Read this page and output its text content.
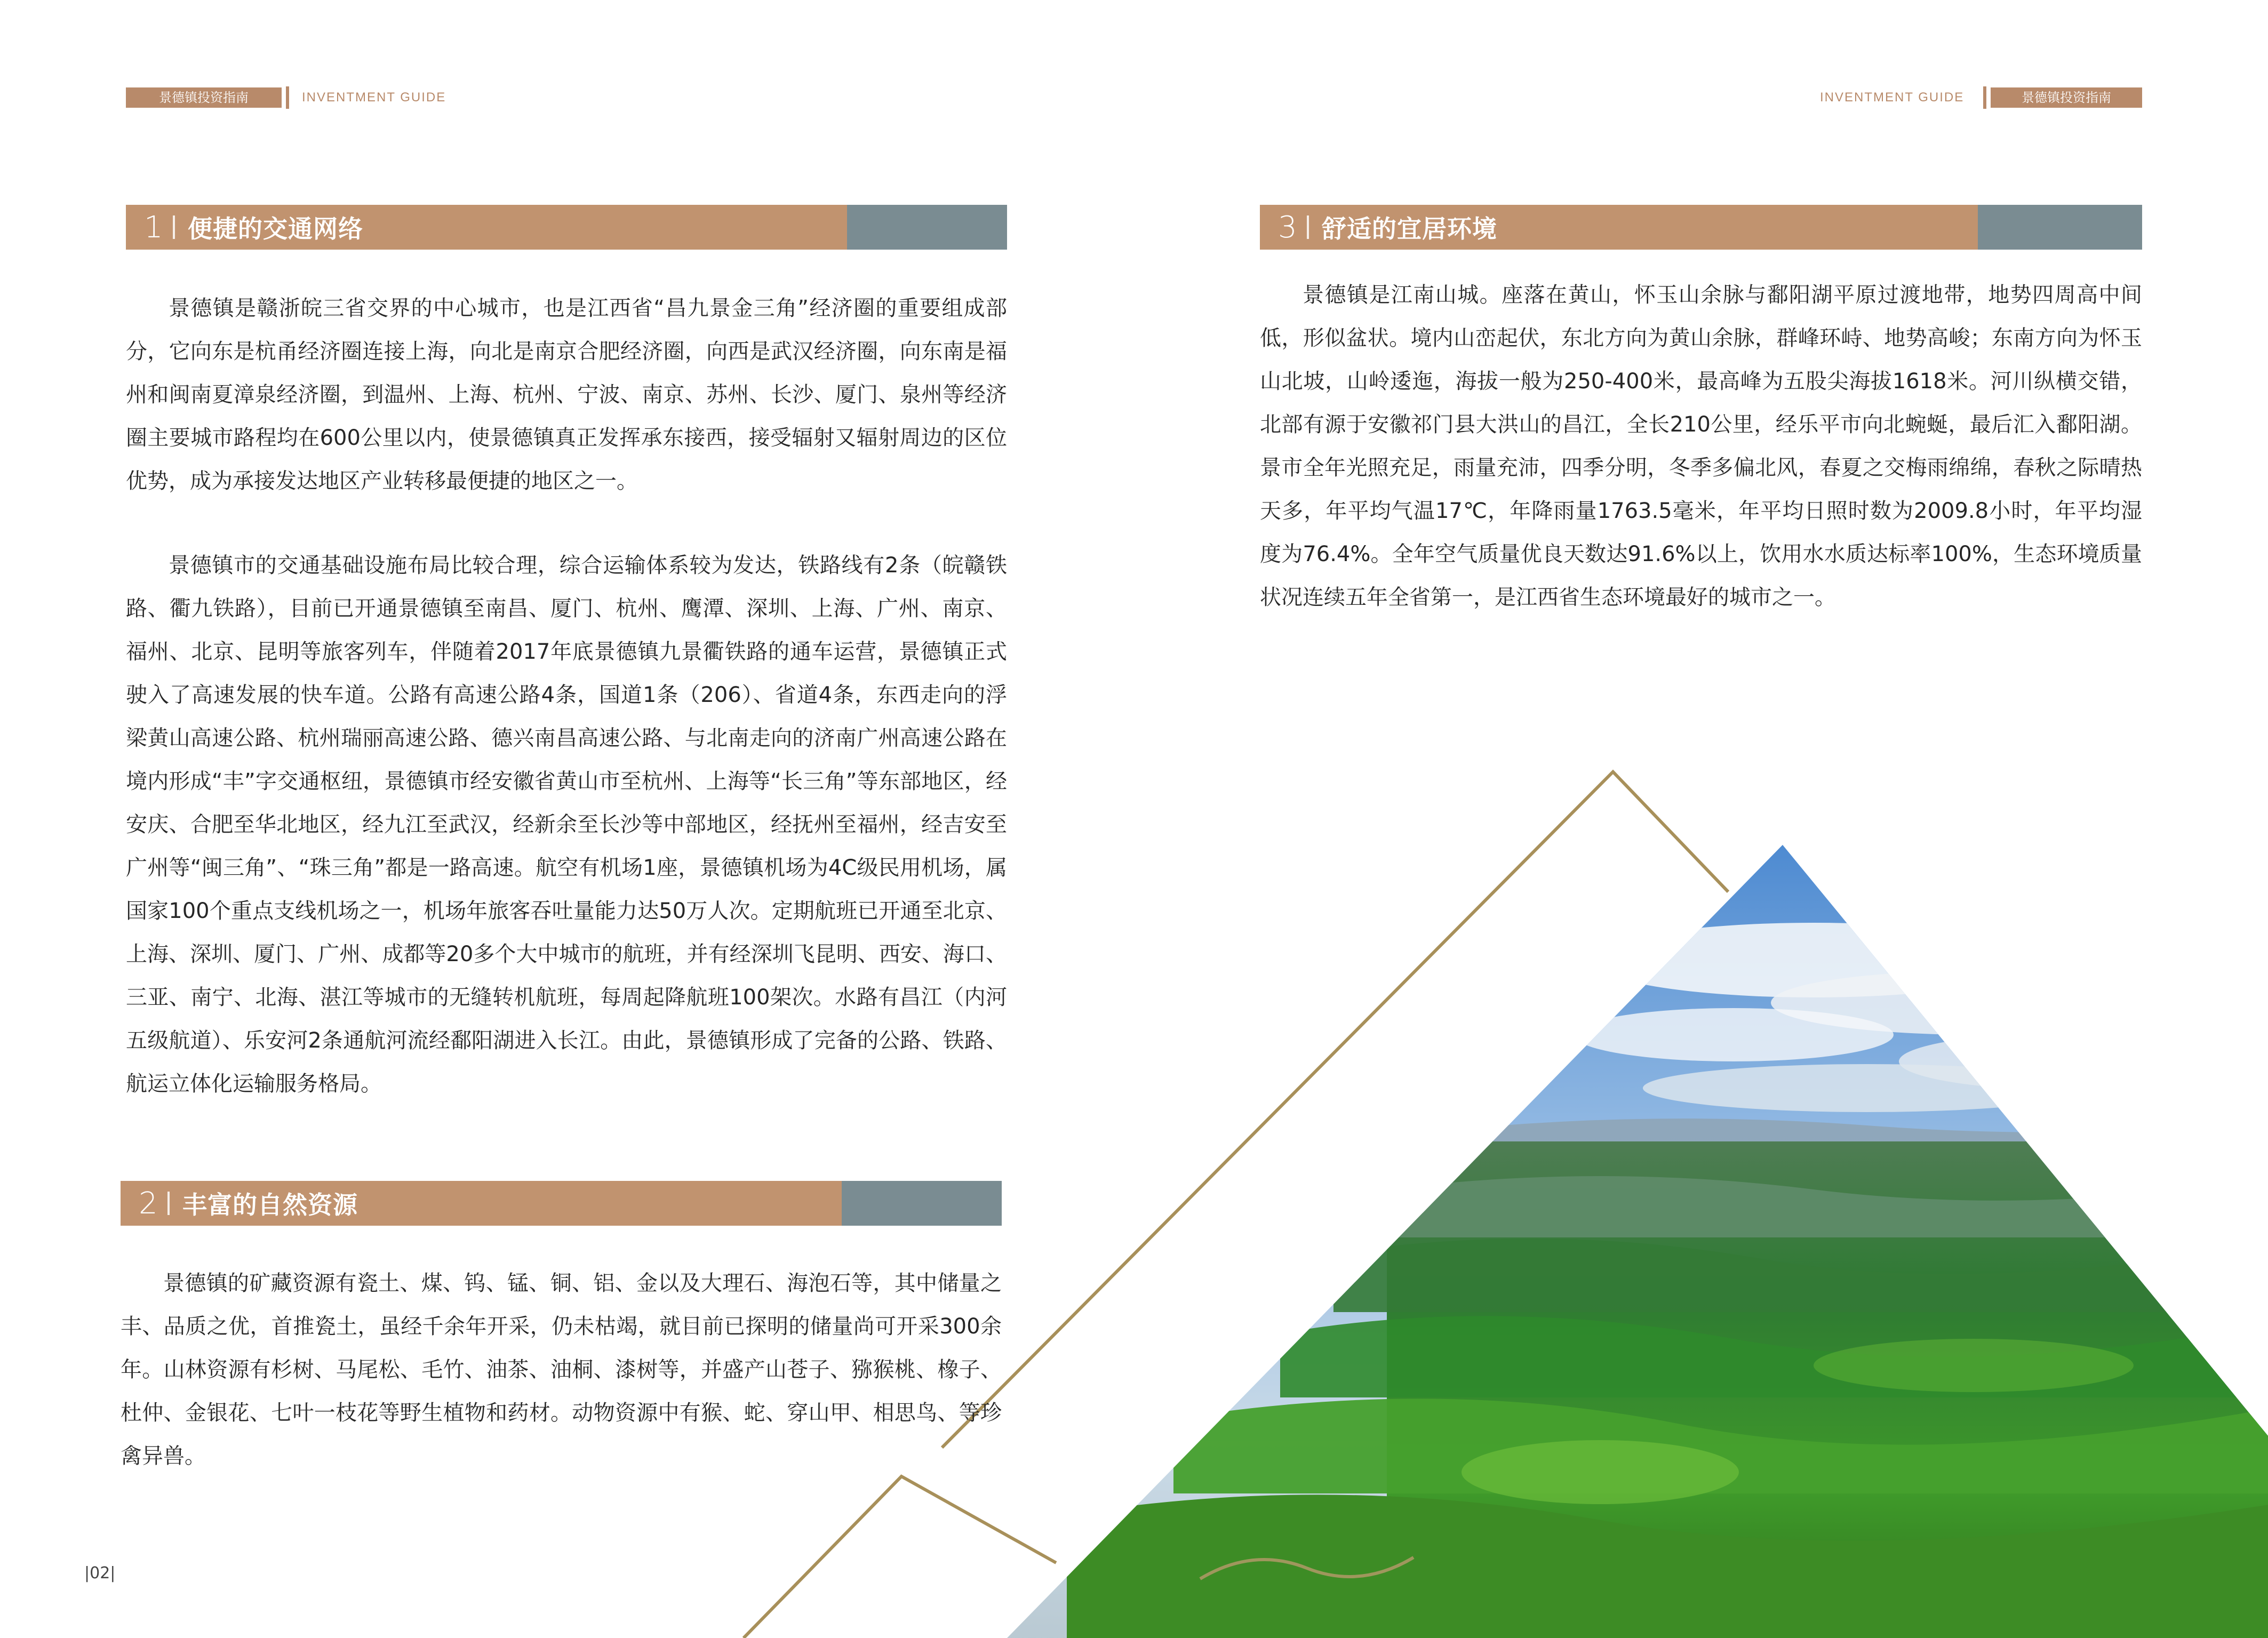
景德镇投资指南	INVENTMENT GUIDE	INVENTMENT GUIDE	景德镇投资指南
1 便捷的交通网络

景德镇是赣浙皖三省交界的中心城市，也是江西省“昌九景金三角”经济圈的重要组成部分，它向东是杭甬经济圈连接上海，向北是南京合肥经济圈，向西是武汉经济圈，向东南是福州和闽南夏漳泉经济圈，到温州、上海、杭州、宁波、南京、苏州、长沙、厦门、泉州等经济圈主要城市路程均在600公里以内，使景德镇真正发挥承东接西，接受辐射又辐射周边的区位优势，成为承接发达地区产业转移最便捷的地区之一。

景德镇市的交通基础设施布局比较合理，综合运输体系较为发达，铁路线有2条（皖赣铁路、衢九铁路），目前已开通景德镇至南昌、厦门、杭州、鹰潭、深圳、上海、广州、南京、福州、北京、昆明等旅客列车，伴随着2017年底景德镇九景衢铁路的通车运营，景德镇正式驶入了高速发展的快车道。公路有高速公路4条，国道1条（206）、省道4条，东西走向的浮梁黄山高速公路、杭州瑞丽高速公路、德兴南昌高速公路、与北南走向的济南广州高速公路在境内形成“丰”字交通枢纽，景德镇市经安徽省黄山市至杭州、上海等“长三角”等东部地区，经安庆、合肥至华北地区，经九江至武汉，经新余至长沙等中部地区，经抚州至福州，经吉安至广州等“闽三角”、“珠三角”都是一路高速。航空有机场1座，景德镇机场为4C级民用机场，属国家100个重点支线机场之一，机场年旅客吞吐量能力达50万人次。定期航班已开通至北京、上海、深圳、厦门、广州、成都等20多个大中城市的航班，并有经深圳飞昆明、西安、海口、三亚、南宁、北海、湛江等城市的无缝转机航班，每周起降航班100架次。水路有昌江（内河五级航道）、乐安河2条通航河流经鄱阳湖进入长江。由此，景德镇形成了完备的公路、铁路、航运立体化运输服务格局。

2 丰富的自然资源

景德镇的矿藏资源有瓷土、煤、钨、锰、铜、铝、金以及大理石、海泡石等，其中储量之丰、品质之优，首推瓷土，虽经千余年开采，仍未枯竭，就目前已探明的储量尚可开采300余年。山林资源有杉树、马尾松、毛竹、油茶、油桐、漆树等，并盛产山苍子、猕猴桃、橡子、杜仲、金银花、七叶一枝花等野生植物和药材。动物资源中有猴、蛇、穿山甲、相思鸟、等珍禽异兽。

3 舒适的宜居环境

景德镇是江南山城。座落在黄山，怀玉山余脉与鄱阳湖平原过渡地带，地势四周高中间低，形似盆状。境内山峦起伏，东北方向为黄山余脉，群峰环峙、地势高峻；东南方向为怀玉山北坡，山岭逶迤，海拔一般为250-400米，最高峰为五股尖海拔1618米。河川纵横交错，北部有源于安徽祁门县大洪山的昌江，全长210公里，经乐平市向北蜿蜒，最后汇入鄱阳湖。景市全年光照充足，雨量充沛，四季分明，冬季多偏北风，春夏之交梅雨绵绵，春秋之际晴热天多，年平均气温17℃，年降雨量1763.5毫米，年平均日照时数为2009.8小时，年平均湿度为76.4%。全年空气质量优良天数达91.6%以上，饮用水水质达标率100%，生态环境质量状况连续五年全省第一，是江西省生态环境最好的城市之一。

|02|
